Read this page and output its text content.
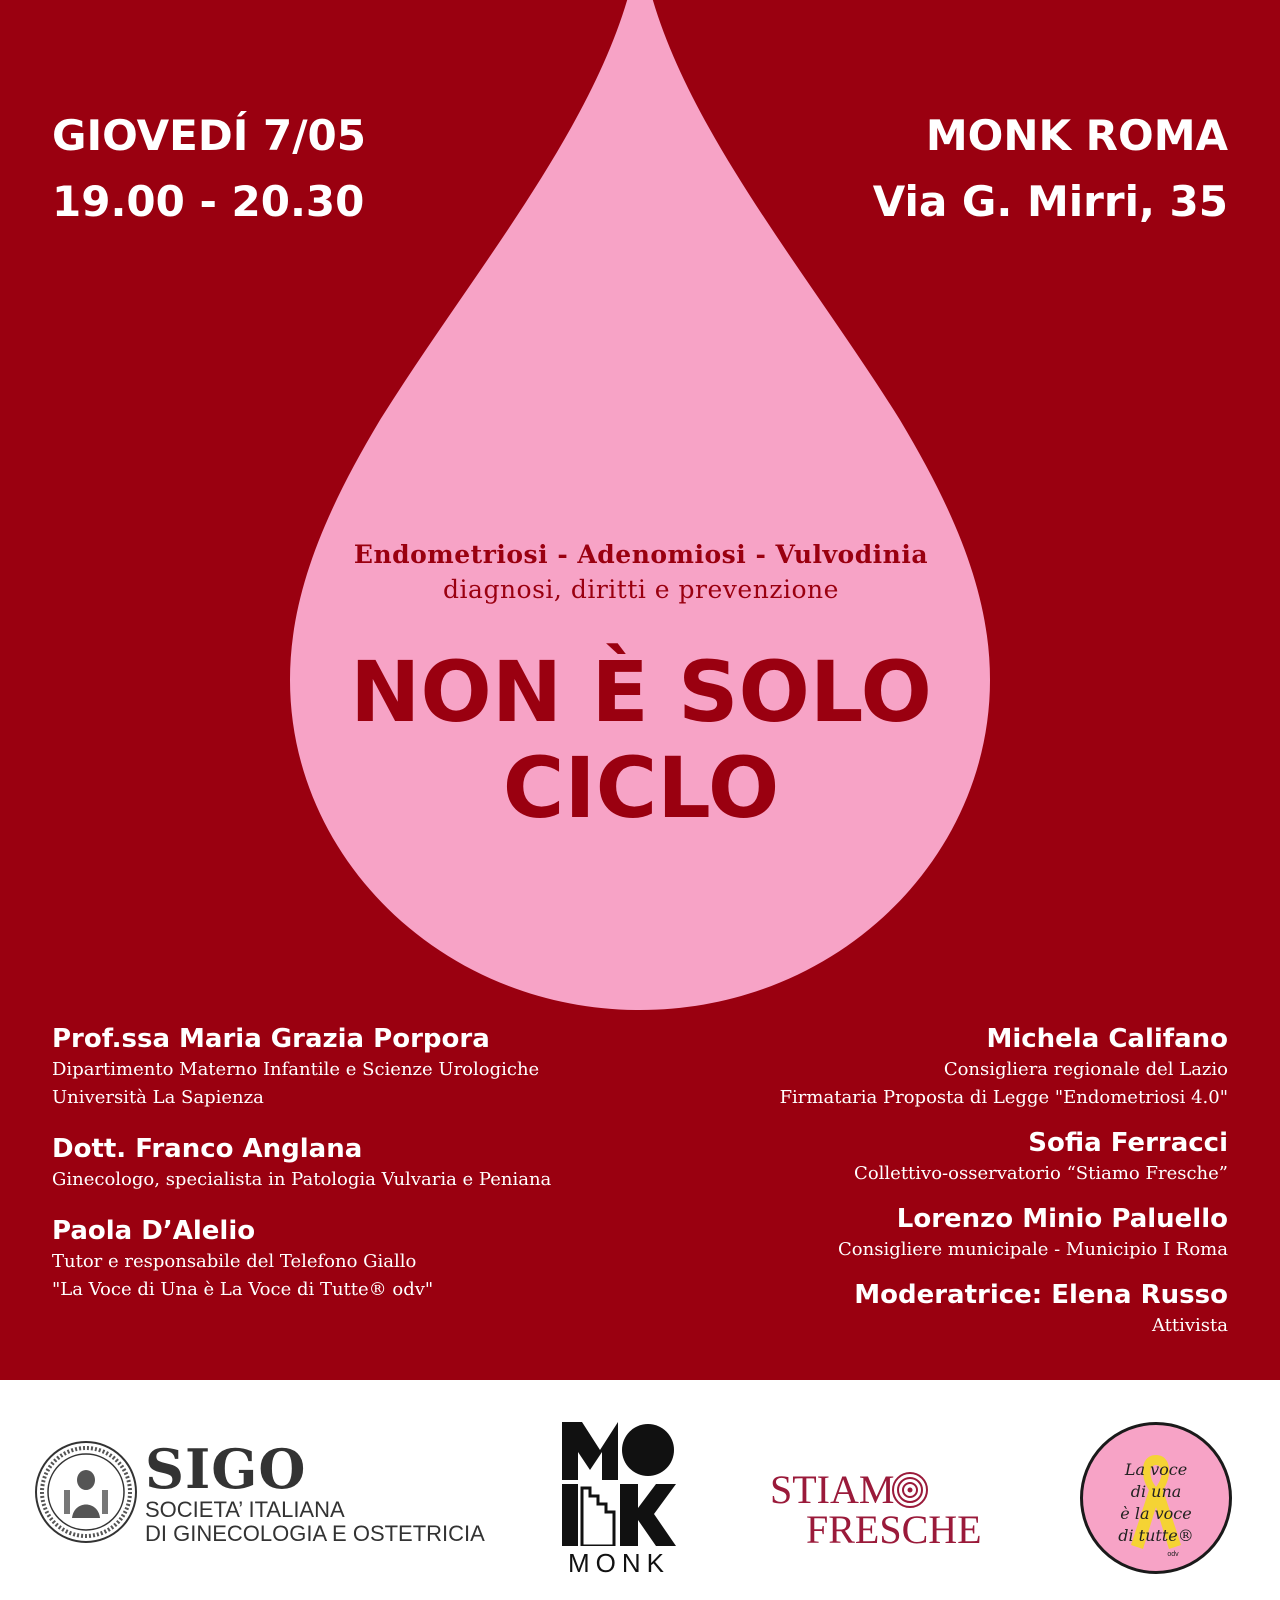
GIOVEDÍ 7/05
19.00 - 20.30
MONK ROMA
Via G. Mirri, 35
Endometriosi - Adenomiosi - Vulvodinia
diagnosi, diritti e prevenzione
NON È SOLO
CICLO
Prof.ssa Maria Grazia Porpora
Dipartimento Materno Infantile e Scienze Urologiche
Università La Sapienza
Dott. Franco Anglana
Ginecologo, specialista in Patologia Vulvaria e Peniana
Paola D’Alelio
Tutor e responsabile del Telefono Giallo
"La Voce di Una è La Voce di Tutte® odv"
Michela Califano
Consigliera regionale del Lazio
Firmataria Proposta di Legge "Endometriosi 4.0"
Sofia Ferracci
Collettivo-osservatorio “Stiamo Fresche”
Lorenzo Minio Paluello
Consigliere municipale - Municipio I Roma
Moderatrice: Elena Russo
Attivista
SIGO
SOCIETA’ ITALIANA
DI GINECOLOGIA E OSTETRICIA
MONK
STIAM
FRESCHE
La voce
di una
è la voce
di tutte®
odv
